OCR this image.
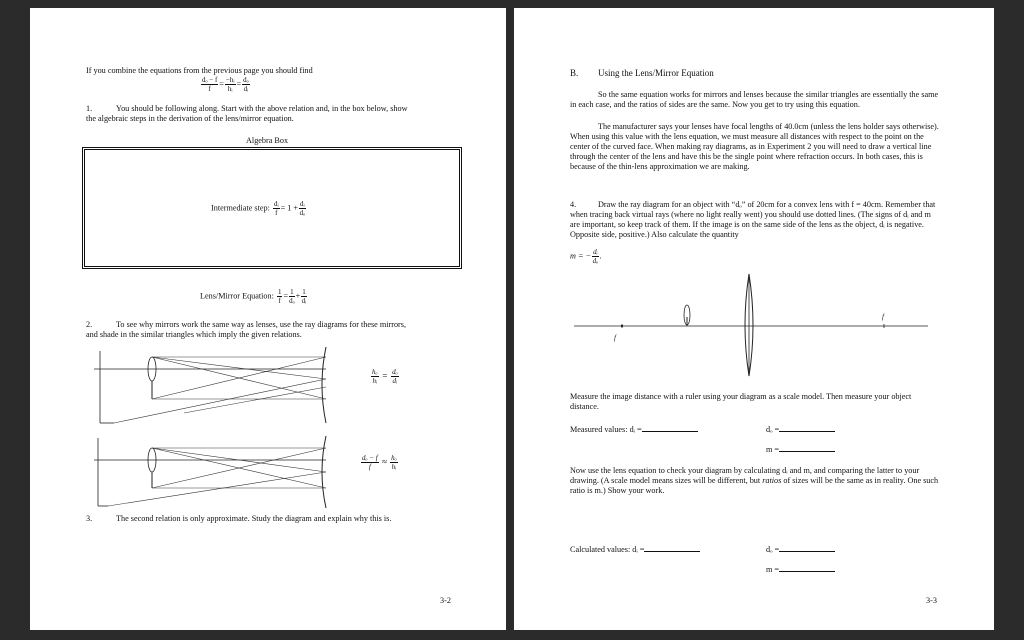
If you combine the equations from the previous page you should find
$\frac{\text{dₒ − f}}{f} = \frac{\text{−hᵢ}}{\text{hᵢ}} = \frac{\text{dₒ}}{\text{dᵢ}}$
1.	You should be following along. Start with the above relation and, in the box below, show
the algebraic steps in the derivation of the lens/mirror equation.
Algebra Box
Intermediate step: $\frac{\text{dᵢ}}{f} = 1 + \frac{\text{dᵢ}}{\text{dₒ}}$
Lens/Mirror Equation: $\frac{1}{f} = \frac{1}{\text{dₒ}} + \frac{1}{\text{dᵢ}}$
2.	To see why mirrors work the same way as lenses, use the ray diagrams for these mirrors,
and shade in the similar triangles which imply the given relations.
$\frac{\text{hₒ}}{\text{hᵢ}} = \frac{\text{dₒ}}{\text{dᵢ}}$
$\frac{\text{dₒ − f}}{f} \approx \frac{\text{hₒ}}{\text{hᵢ}}$
3.	The second relation is only approximate. Study the diagram and explain why this is.
3-2
B. Using the Lens/Mirror Equation
So the same equation works for mirrors and lenses because the similar triangles are essentially the same in each case, and the ratios of sides are the same. Now you get to try using this equation.
The manufacturer says your lenses have focal lengths of 40.0cm (unless the lens holder says otherwise). When using this value with the lens equation, we must measure all distances with respect to the point on the center of the curved face. When making ray diagrams, as in Experiment 2 you will need to draw a vertical line through the center of the lens and have this be the single point where refraction occurs. In both cases, this is because of the thin-lens approximation we are making.
4.	Draw the ray diagram for an object with “dₒ” of 20cm for a convex lens with f = 40cm. Remember that when tracing back virtual rays (where no light really went) you should use dotted lines. (The signs of dᵢ and m are important, so keep track of them. If the image is on the same side of the lens as the object, dᵢ is negative. Opposite side, positive.) Also calculate the quantity
m = − $\frac{\text{dᵢ}}{\text{dₒ}}$ .
f
f
Measure the image distance with a ruler using your diagram as a scale model. Then measure your object distance.
Measured values: dᵢ =	dₒ =
m =
Now use the lens equation to check your diagram by calculating dᵢ and m, and comparing the latter to your drawing. (A scale model means sizes will be different, but ratios of sizes will be the same as in reality. One such ratio is m.) Show your work.
Calculated values: dᵢ =	dₒ =
m =
3-3
